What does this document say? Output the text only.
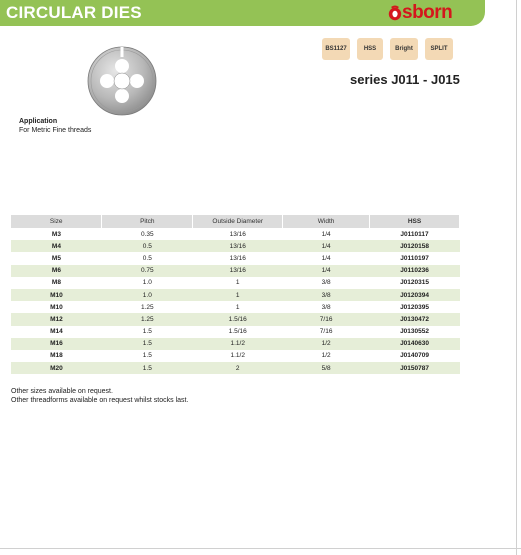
CIRCULAR DIES	sborn
BS1127	HSS	Bright	SPLIT
series J011 - J015
Application
For Metric Fine threads
Size	Pitch	Outside Diameter	Width	HSS
M3	0.35	13/16	1/4	J0110117
M4	0.5	13/16	1/4	J0120158
M5	0.5	13/16	1/4	J0110197
M6	0.75	13/16	1/4	J0110236
M8	1.0	1	3/8	J0120315
M10	1.0	1	3/8	J0120394
M10	1.25	1	3/8	J0120395
M12	1.25	1.5/16	7/16	J0130472
M14	1.5	1.5/16	7/16	J0130552
M16	1.5	1.1/2	1/2	J0140630
M18	1.5	1.1/2	1/2	J0140709
M20	1.5	2	5/8	J0150787
Other sizes available on request.
Other threadforms available on request whilst stocks last.
